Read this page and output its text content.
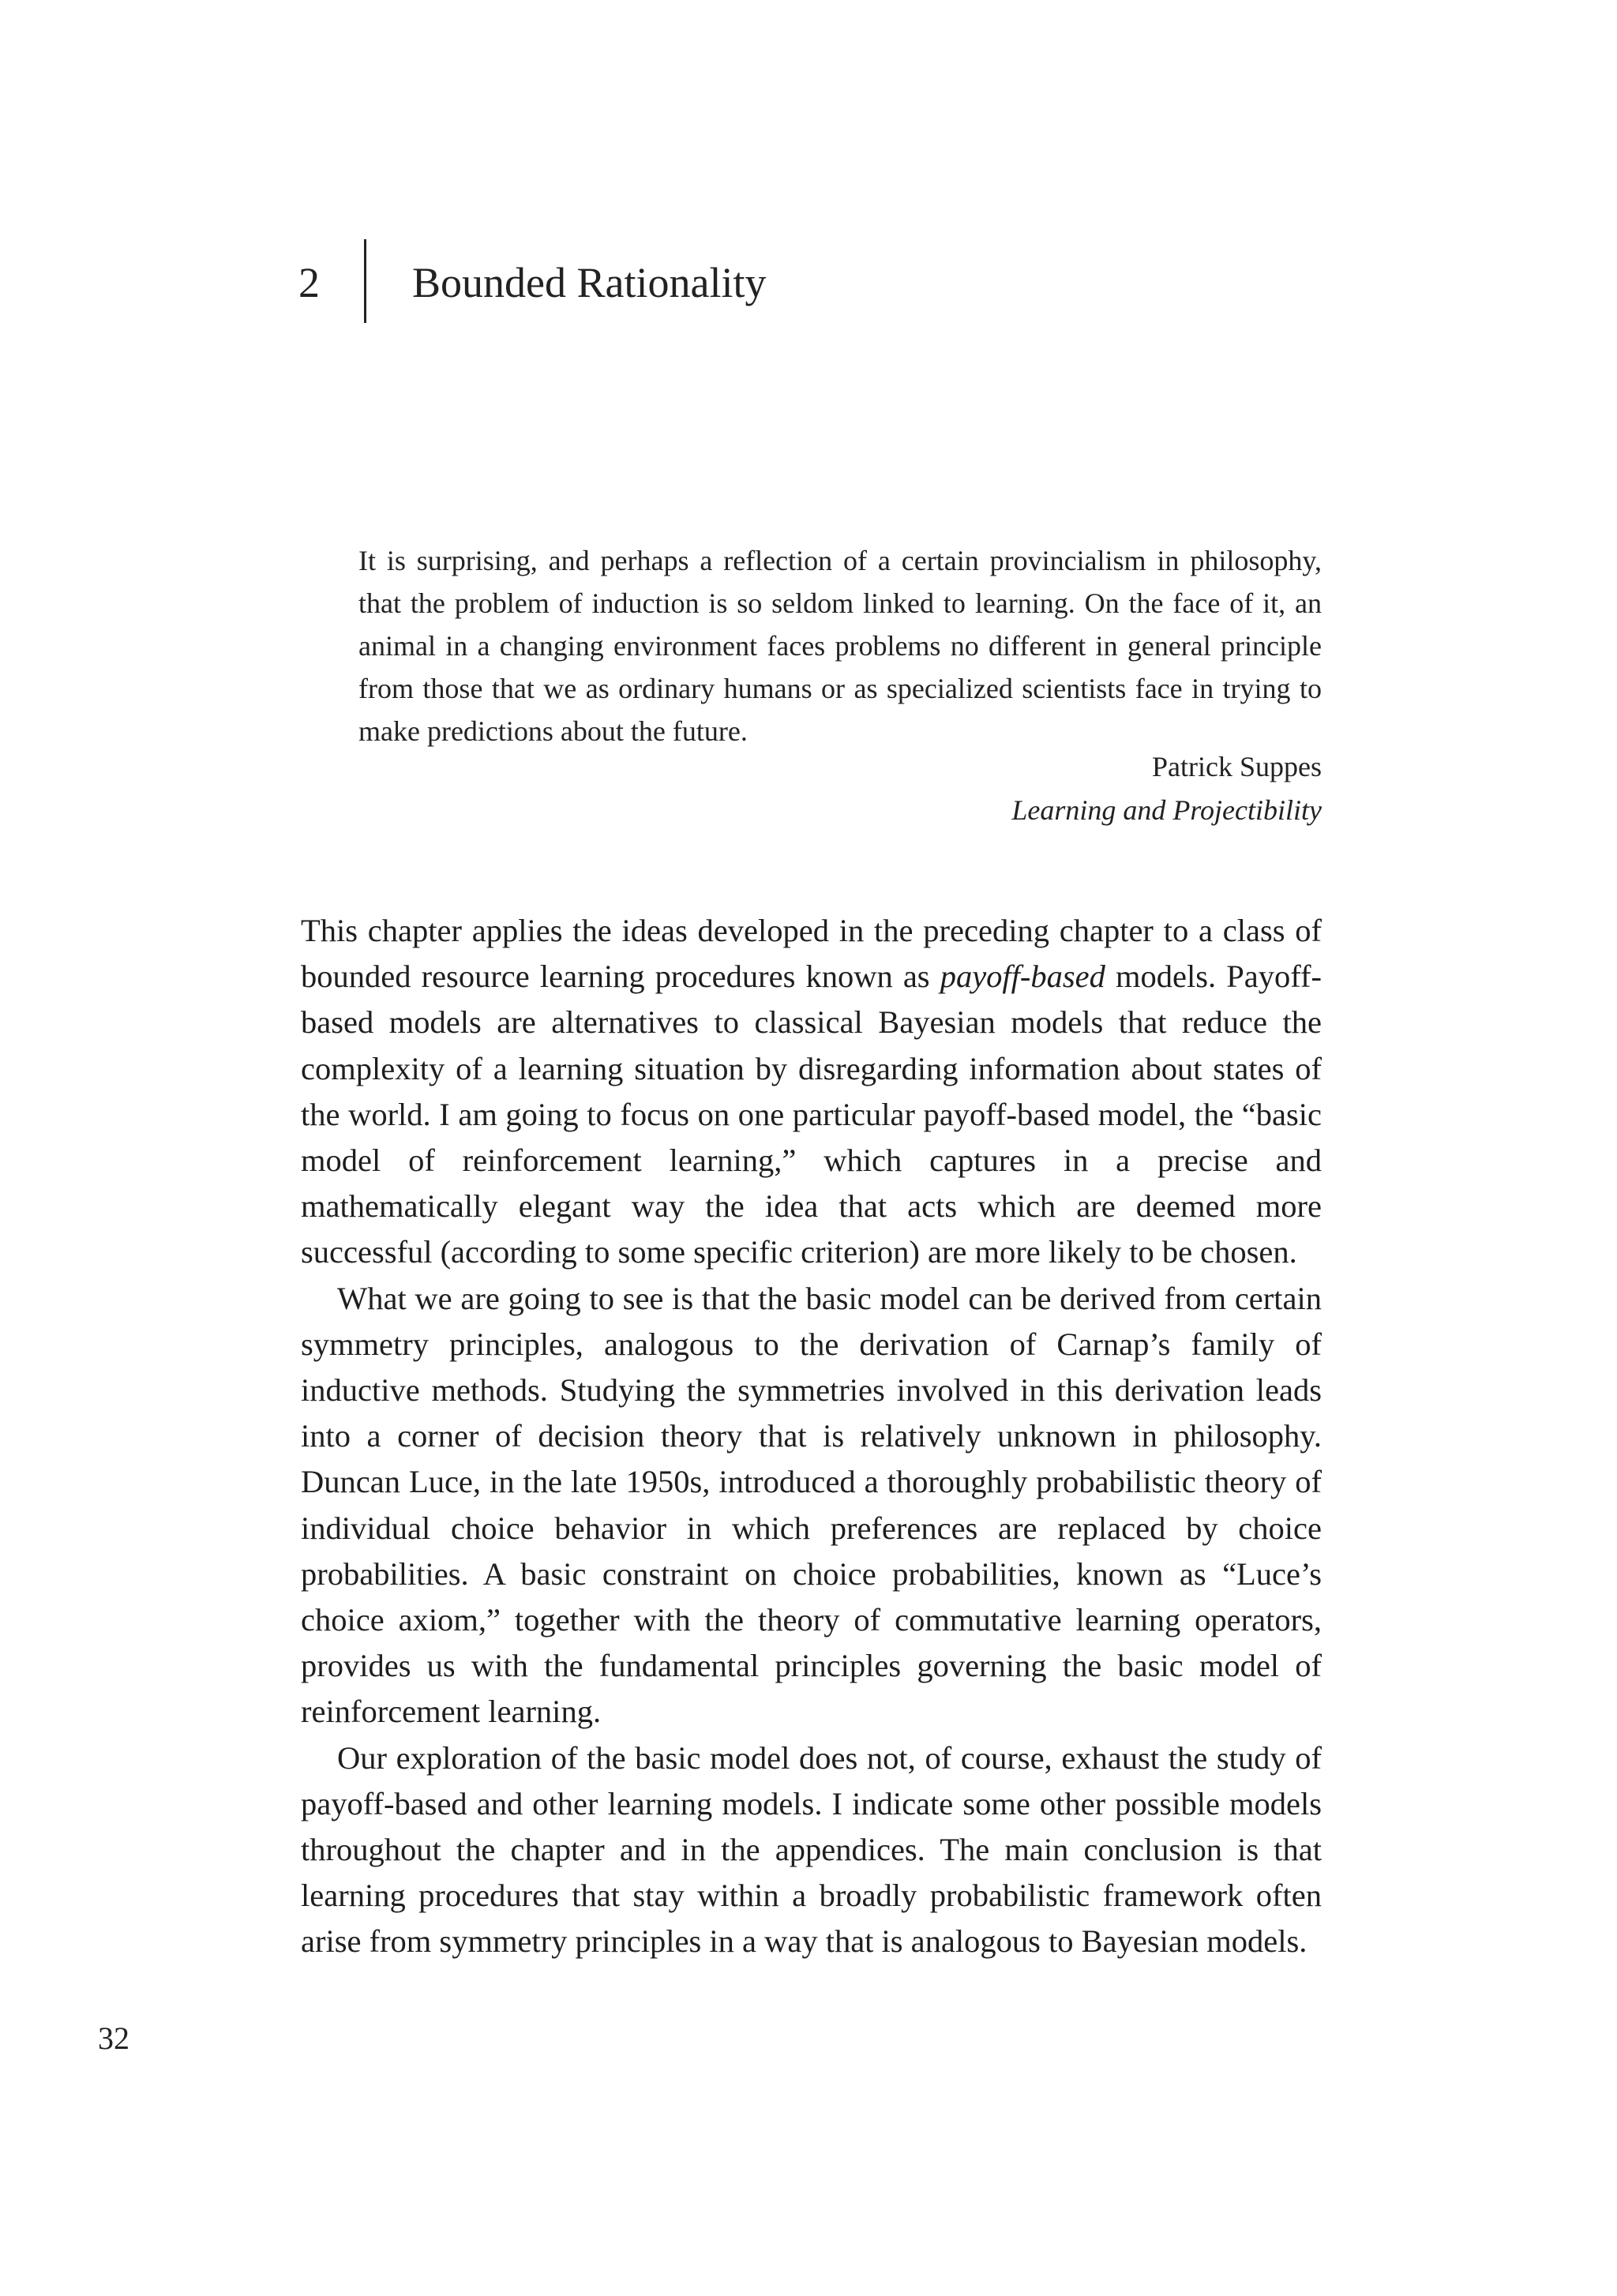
2 Bounded Rationality

It is surprising, and perhaps a reflection of a certain provincialism in philosophy, that the problem of induction is so seldom linked to learning. On the face of it, an animal in a changing environment faces problems no different in general principle from those that we as ordinary humans or as specialized scientists face in trying to make predictions about the future.

Patrick Suppes
Learning and Projectibility

This chapter applies the ideas developed in the preceding chapter to a class of bounded resource learning procedures known as payoff-based models. Payoff-based models are alternatives to classical Bayesian models that reduce the complexity of a learning situation by disregarding information about states of the world. I am going to focus on one particular payoff-based model, the “basic model of reinforcement learning,” which captures in a precise and mathematically elegant way the idea that acts which are deemed more successful (according to some specific criterion) are more likely to be chosen.

What we are going to see is that the basic model can be derived from certain symmetry principles, analogous to the derivation of Carnap’s family of inductive methods. Studying the symmetries involved in this derivation leads into a corner of decision theory that is relatively unknown in philosophy. Duncan Luce, in the late 1950s, introduced a thoroughly probabilistic theory of individual choice behavior in which preferences are replaced by choice probabilities. A basic constraint on choice probabilities, known as “Luce’s choice axiom,” together with the theory of commutative learning operators, provides us with the fundamental principles governing the basic model of reinforcement learning.

Our exploration of the basic model does not, of course, exhaust the study of payoff-based and other learning models. I indicate some other possible models throughout the chapter and in the appendices. The main conclusion is that learning procedures that stay within a broadly probabilistic framework often arise from symmetry principles in a way that is analogous to Bayesian models.

32
